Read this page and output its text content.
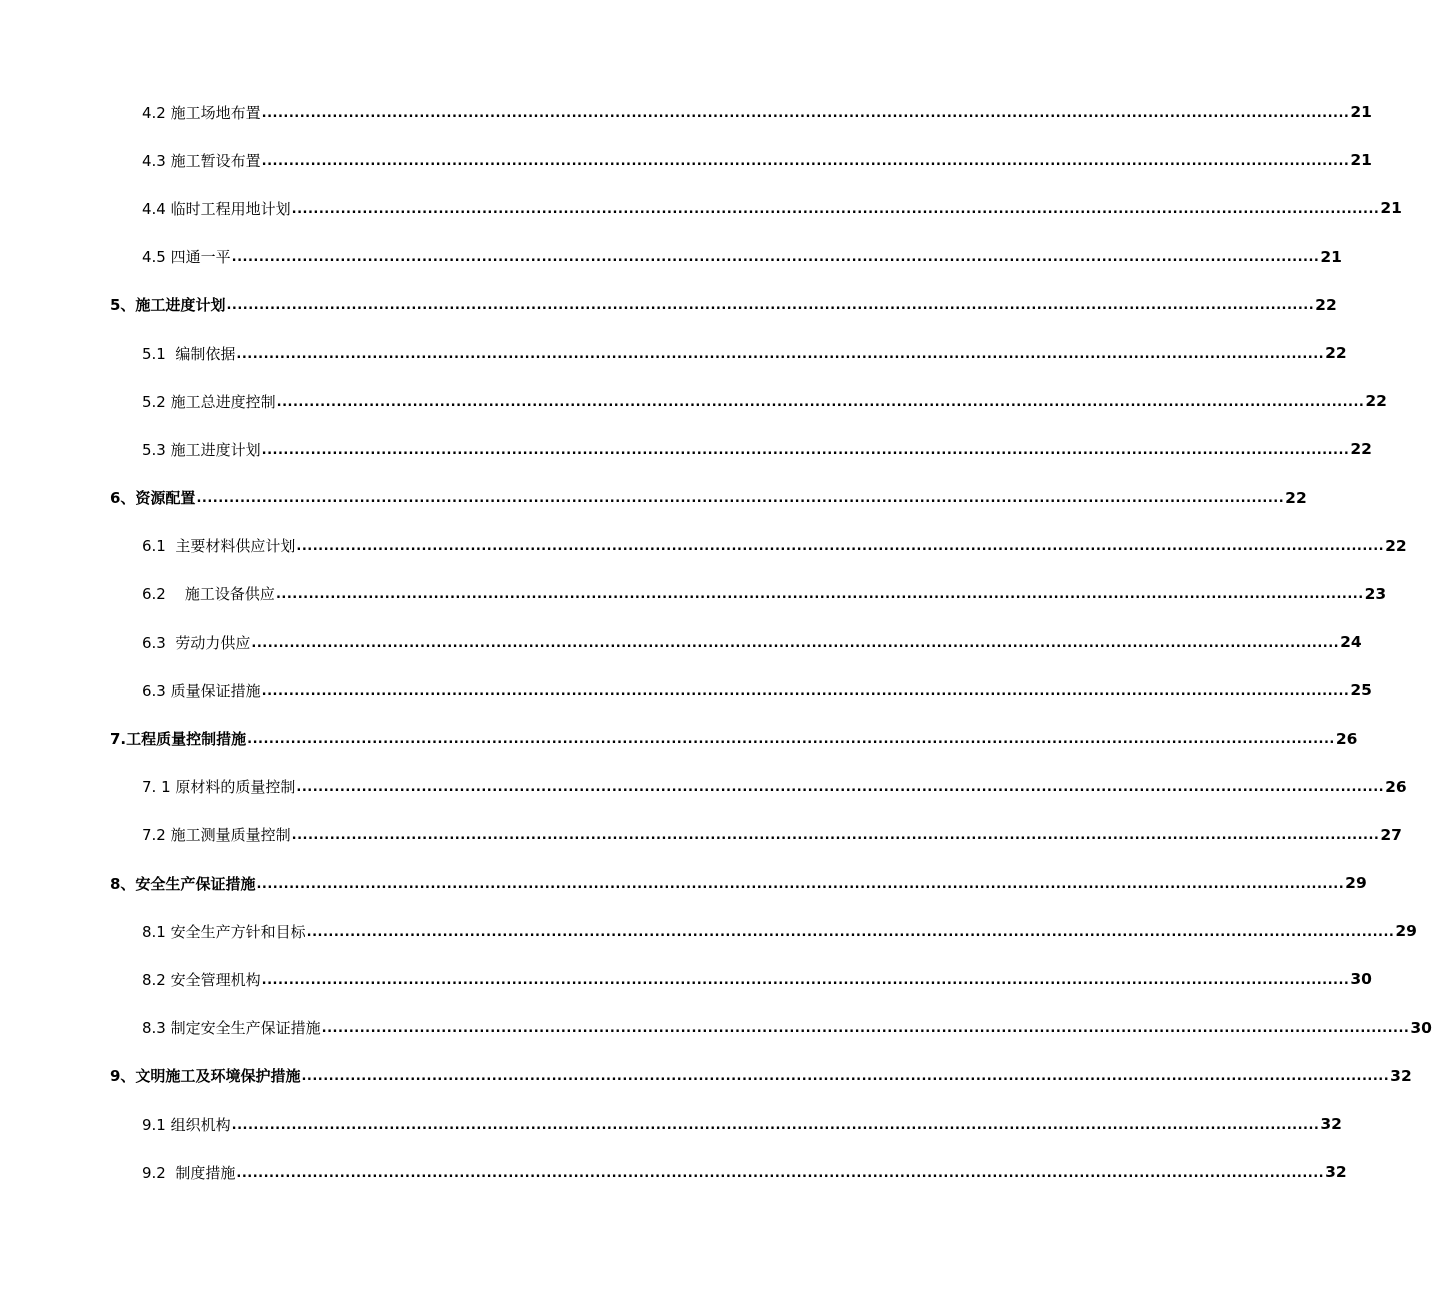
4.2 施工场地布置 ........................................................................................................................................................................................................ 21
4.3 施工暂设布置 ........................................................................................................................................................................................................ 21
4.4 临时工程用地计划 ........................................................................................................................................................................................................ 21
4.5 四通一平 ........................................................................................................................................................................................................ 21
5、施工进度计划 ........................................................................................................................................................................................................ 22
5.1  编制依据 ........................................................................................................................................................................................................ 22
5.2 施工总进度控制 ........................................................................................................................................................................................................ 22
5.3 施工进度计划 ........................................................................................................................................................................................................ 22
6、资源配置 ........................................................................................................................................................................................................ 22
6.1  主要材料供应计划 ........................................................................................................................................................................................................ 22
6.2    施工设备供应 ........................................................................................................................................................................................................ 23
6.3  劳动力供应 ........................................................................................................................................................................................................ 24
6.3 质量保证措施 ........................................................................................................................................................................................................ 25
7.工程质量控制措施 ........................................................................................................................................................................................................ 26
7. 1 原材料的质量控制 ........................................................................................................................................................................................................ 26
7.2 施工测量质量控制 ........................................................................................................................................................................................................ 27
8、安全生产保证措施 ........................................................................................................................................................................................................ 29
8.1 安全生产方针和目标 ........................................................................................................................................................................................................ 29
8.2 安全管理机构 ........................................................................................................................................................................................................ 30
8.3 制定安全生产保证措施 ........................................................................................................................................................................................................ 30
9、文明施工及环境保护措施 ........................................................................................................................................................................................................ 32
9.1 组织机构 ........................................................................................................................................................................................................ 32
9.2  制度措施 ........................................................................................................................................................................................................ 32
